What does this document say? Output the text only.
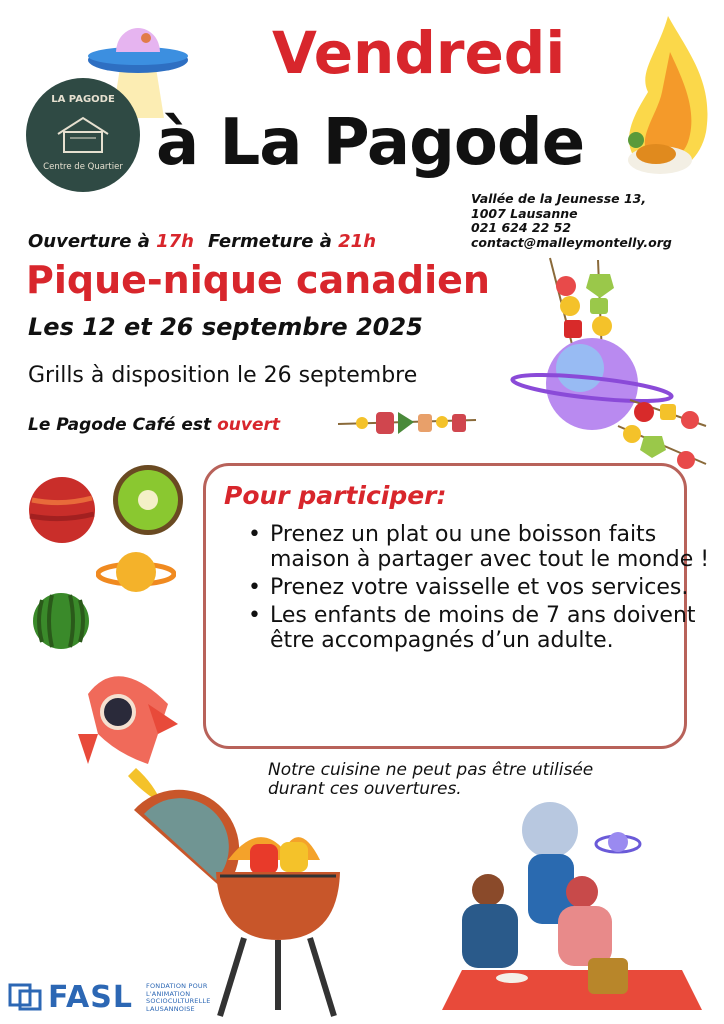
LA PAGODE
Centre de Quartier
Vendredi
à La Pagode
Vallée de la Jeunesse 13,
1007 Lausanne
021 624 22 52
contact@malleymontelly.org
Ouverture à 17h Fermeture à 21h
Pique-nique canadien
Les 12 et 26 septembre 2025
Grills à disposition le 26 septembre
Le Pagode Café est ouvert
Pour participer:
• Prenez un plat ou une boisson faits maison à partager avec tout le monde !
• Prenez votre vaisselle et vos services.
• Les enfants de moins de 7 ans doivent être accompagnés d’un adulte.
Notre cuisine ne peut pas être utilisée
durant ces ouvertures.
FASL FONDATION POUR
L'ANIMATION
SOCIOCULTURELLE
LAUSANNOISE
